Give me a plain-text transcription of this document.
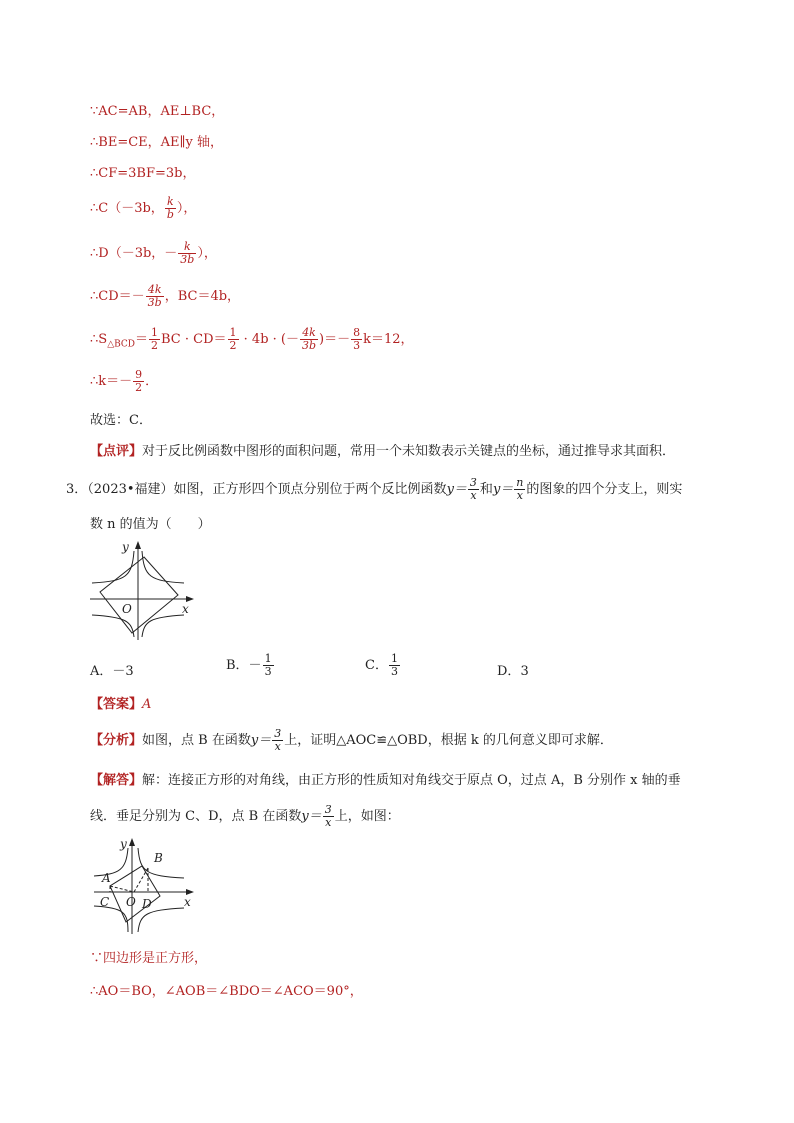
∵AC=AB，AE⊥BC，
∴BE=CE，AE∥y 轴，
∴CF=3BF=3b，
∴C（－3b， $\frac{k}{b}$ ），
∴D（－3b，－ $\frac{k}{3b}$ ），
∴CD＝－ $\frac{4k}{3b}$ ，BC＝4b，
$\therefore S_{\triangle BCD}= \frac{1}{2}$ BC · $CD= \frac{1}{2} \cdot 4b$ · (－ $\frac{4k}{3b}$ )＝－ $\frac{8}{3} k=12$，
∴k＝－ $\frac{9}{2}$ ．
故选：C．
【点评】对于反比例函数中图形的面积问题，常用一个未知数表示关键点的坐标，通过推导求其面积．
3．（2023•福建）如图，正方形四个顶点分别位于两个反比例函数$y= \frac{3}{x}$ 和$y= \frac{n}{x}$ 的图象的四个分支上，则实
数 n 的值为（　　）
y
x
O
A．－3	B．－ $\frac{1}{3}$	C． $\frac{1}{3}$	D．3
【答案】A
【分析】如图，点 B 在函数$y= \frac{3}{x}$ 上，证明△AOC≌△OBD，根据 k 的几何意义即可求解．
【解答】解：连接正方形的对角线，由正方形的性质知对角线交于原点 O，过点 A，B 分别作 x 轴的垂
线．垂足分别为 C、D，点 B 在函数$y= \frac{3}{x}$ 上，如图：
y
x
O
A
B
C	D
∵四边形是正方形，
∴AO＝BO，∠AOB＝∠BDO＝∠ACO＝90°，
